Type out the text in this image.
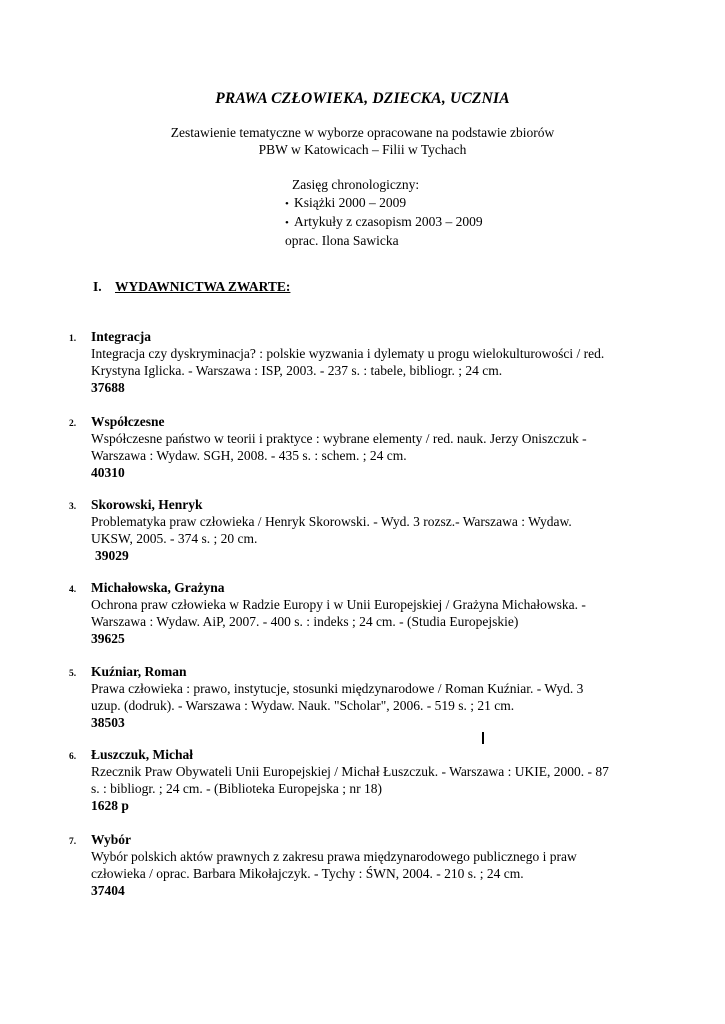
PRAWA CZŁOWIEKA, DZIECKA, UCZNIA
Zestawienie tematyczne w wyborze opracowane na podstawie zbiorów
PBW w Katowicach – Filii w Tychach
Zasięg chronologiczny:
• Książki 2000 – 2009
• Artykuły z czasopism 2003 – 2009
oprac. Ilona Sawicka
I. WYDAWNICTWA ZWARTE:
1. Integracja
Integracja czy dyskryminacja? : polskie wyzwania i dylematy u progu wielokulturowości / red.
Krystyna Iglicka. - Warszawa : ISP, 2003. - 237 s. : tabele, bibliogr. ; 24 cm.
37688
2. Współczesne
Współczesne państwo w teorii i praktyce : wybrane elementy / red. nauk. Jerzy Oniszczuk -
Warszawa : Wydaw. SGH, 2008. - 435 s. : schem. ; 24 cm.
40310
3. Skorowski, Henryk
Problematyka praw człowieka / Henryk Skorowski. - Wyd. 3 rozsz.- Warszawa : Wydaw.
UKSW, 2005. - 374 s. ; 20 cm.
39029
4. Michałowska, Grażyna
Ochrona praw człowieka w Radzie Europy i w Unii Europejskiej / Grażyna Michałowska. -
Warszawa : Wydaw. AiP, 2007. - 400 s. : indeks ; 24 cm. - (Studia Europejskie)
39625
5. Kuźniar, Roman
Prawa człowieka : prawo, instytucje, stosunki międzynarodowe / Roman Kuźniar. - Wyd. 3
uzup. (dodruk). - Warszawa : Wydaw. Nauk. "Scholar", 2006. - 519 s. ; 21 cm.
38503
6. Łuszczuk, Michał
Rzecznik Praw Obywateli Unii Europejskiej / Michał Łuszczuk. - Warszawa : UKIE, 2000. - 87
s. : bibliogr. ; 24 cm. - (Biblioteka Europejska ; nr 18)
1628 p
7. Wybór
Wybór polskich aktów prawnych z zakresu prawa międzynarodowego publicznego i praw
człowieka / oprac. Barbara Mikołajczyk. - Tychy : ŚWN, 2004. - 210 s. ; 24 cm.
37404
